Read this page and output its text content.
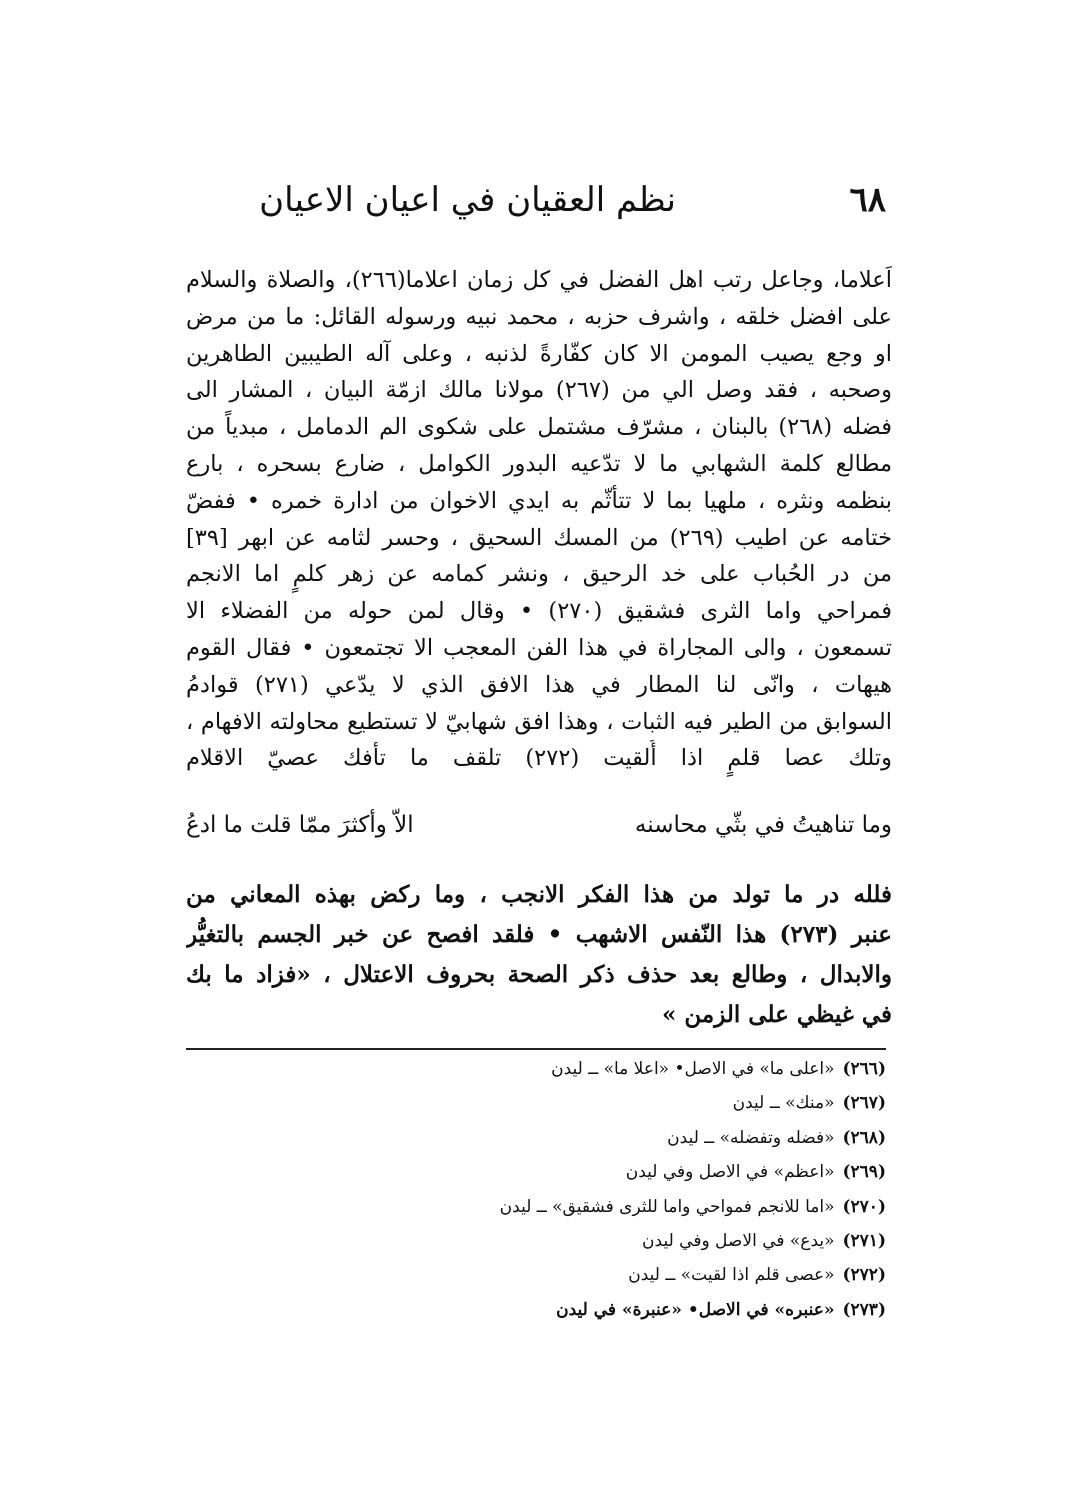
٦٨
نظم العقيان في اعيان الاعيان
اَعلاما، وجاعل رتب اهل الفضل في كل زمان اعلاما(٢٦٦)، والصلاة والسلام
على افضل خلقه ، واشرف حزبه ، محمد نبيه ورسوله القائل: ما من مرض
او وجع يصيب المومن الا كان كفّارةً لذنبه ، وعلى آله الطيبين الطاهرين
وصحبه ، فقد وصل الي من (٢٦٧) مولانا مالك ازمّة البيان ، المشار الى
فضله (٢٦٨) بالبنان ، مشرّف مشتمل على شكوى الم الدمامل ، مبدياً من
مطالع كلمة الشهابي ما لا تدّعيه البدور الكوامل ، ضارع بسحره ، بارع
بنظمه ونثره ، ملهيا بما لا تتأثّم به ايدي الاخوان من ادارة خمره • ففضّ
ختامه عن اطيب (٢٦٩) من المسك السحيق ، وحسر لثامه عن ابهر [٣٩]
من در الحُباب على خد الرحيق ، ونشر كمامه عن زهر كلمٍ اما الانجم
فمراحي واما الثرى فشقيق (٢٧٠) • وقال لمن حوله من الفضلاء الا
تسمعون ، والى المجاراة في هذا الفن المعجب الا تجتمعون • فقال القوم
هيهات ، وانّى لنا المطار في هذا الافق الذي لا يدّعي (٢٧١) قوادمُ
السوابق من الطير فيه الثبات ، وهذا افق شهابيّ لا تستطيع محاولته الافهام ،
وتلك عصا قلمٍ اذا أُلقيت (٢٧٢) تلقف ما تأفك عصيّ الاقلام
وما تناهيتُ في بثّي محاسنه
الاّ وأكثرَ ممّا قلت ما ادعُ
فلله در ما تولد من هذا الفكر الانجب ، وما ركض بهذه المعاني من
عنبر (٢٧٣) هذا النّفس الاشهب • فلقد افصح عن خبر الجسم بالتغيُّر
والابدال ، وطالع بعد حذف ذكر الصحة بحروف الاعتلال ، «فزاد ما بك
في غيظي على الزمن »
(٢٦٦)«اعلى ما» في الاصل• «اعلا ما» ــ ليدن
(٢٦٧)«منك» ــ ليدن
(٢٦٨)«فضله وتفضله» ــ ليدن
(٢٦٩)«اعظم» في الاصل وفي ليدن
(٢٧٠)«اما للانجم فمواحي واما للثرى فشقيق» ــ ليدن
(٢٧١)«يدع» في الاصل وفي ليدن
(٢٧٢)«عصى قلم اذا لقيت» ــ ليدن
(٢٧٣)«عنبره» في الاصل• «عنبرة» في ليدن
